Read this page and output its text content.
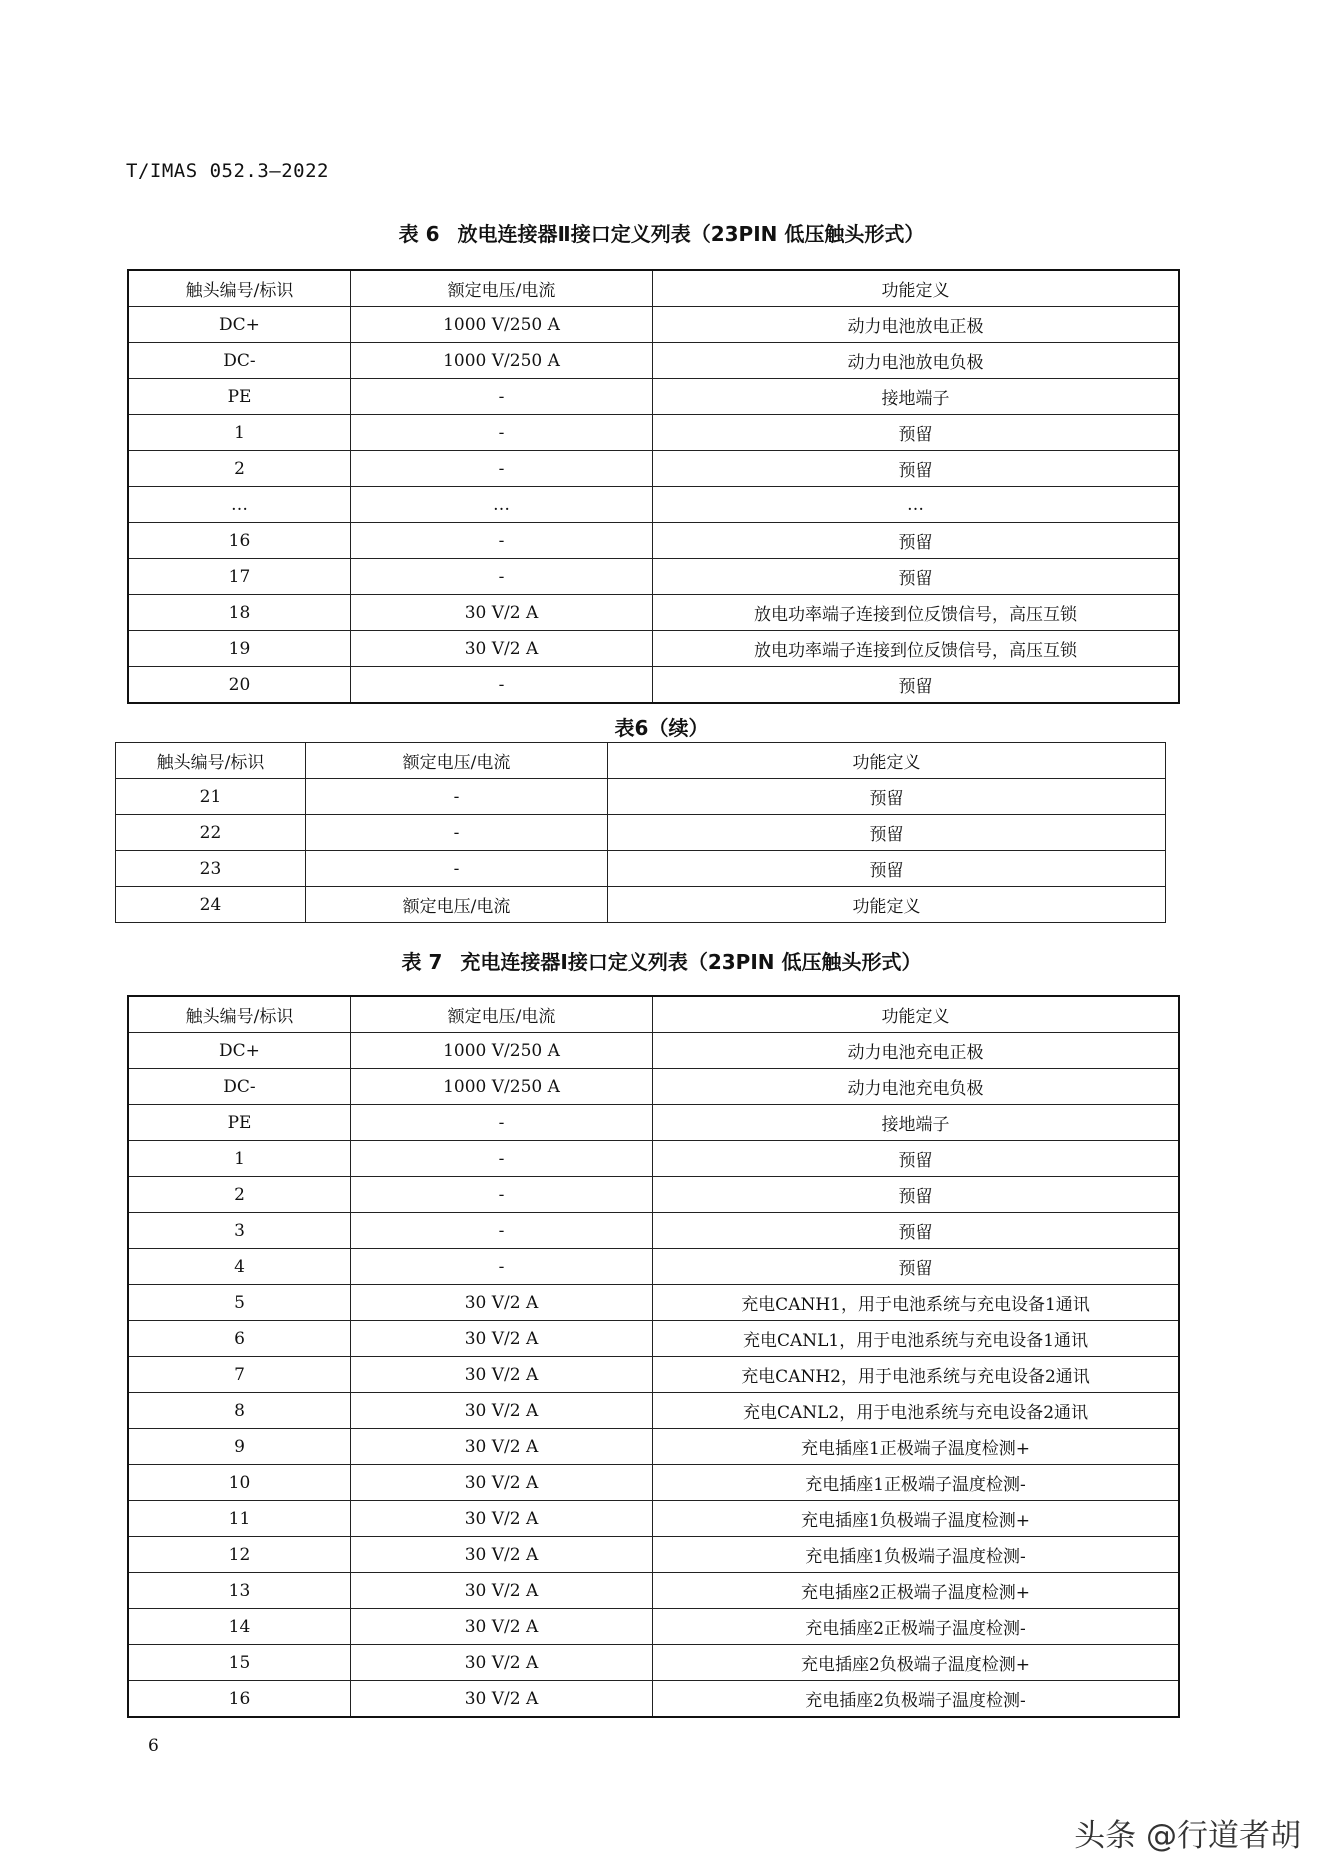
T/IMAS 052.3—2022
表 6 放电连接器Ⅱ接口定义列表（23PIN 低压触头形式）
触头编号/标识	额定电压/电流	功能定义
DC+	1000 V/250 A	动力电池放电正极
DC-	1000 V/250 A	动力电池放电负极
PE	-	接地端子
1	-	预留
2	-	预留
…	…	…
16	-	预留
17	-	预留
18	30 V/2 A	放电功率端子连接到位反馈信号，高压互锁
19	30 V/2 A	放电功率端子连接到位反馈信号，高压互锁
20	-	预留
表6（续）
触头编号/标识	额定电压/电流	功能定义
21	-	预留
22	-	预留
23	-	预留
24	额定电压/电流	功能定义
表 7 充电连接器Ⅰ接口定义列表（23PIN 低压触头形式）
触头编号/标识	额定电压/电流	功能定义
DC+	1000 V/250 A	动力电池充电正极
DC-	1000 V/250 A	动力电池充电负极
PE	-	接地端子
1	-	预留
2	-	预留
3	-	预留
4	-	预留
5	30 V/2 A	充电CANH1，用于电池系统与充电设备1通讯
6	30 V/2 A	充电CANL1，用于电池系统与充电设备1通讯
7	30 V/2 A	充电CANH2，用于电池系统与充电设备2通讯
8	30 V/2 A	充电CANL2，用于电池系统与充电设备2通讯
9	30 V/2 A	充电插座1正极端子温度检测+
10	30 V/2 A	充电插座1正极端子温度检测-
11	30 V/2 A	充电插座1负极端子温度检测+
12	30 V/2 A	充电插座1负极端子温度检测-
13	30 V/2 A	充电插座2正极端子温度检测+
14	30 V/2 A	充电插座2正极端子温度检测-
15	30 V/2 A	充电插座2负极端子温度检测+
16	30 V/2 A	充电插座2负极端子温度检测-
6
头条 @行道者胡
